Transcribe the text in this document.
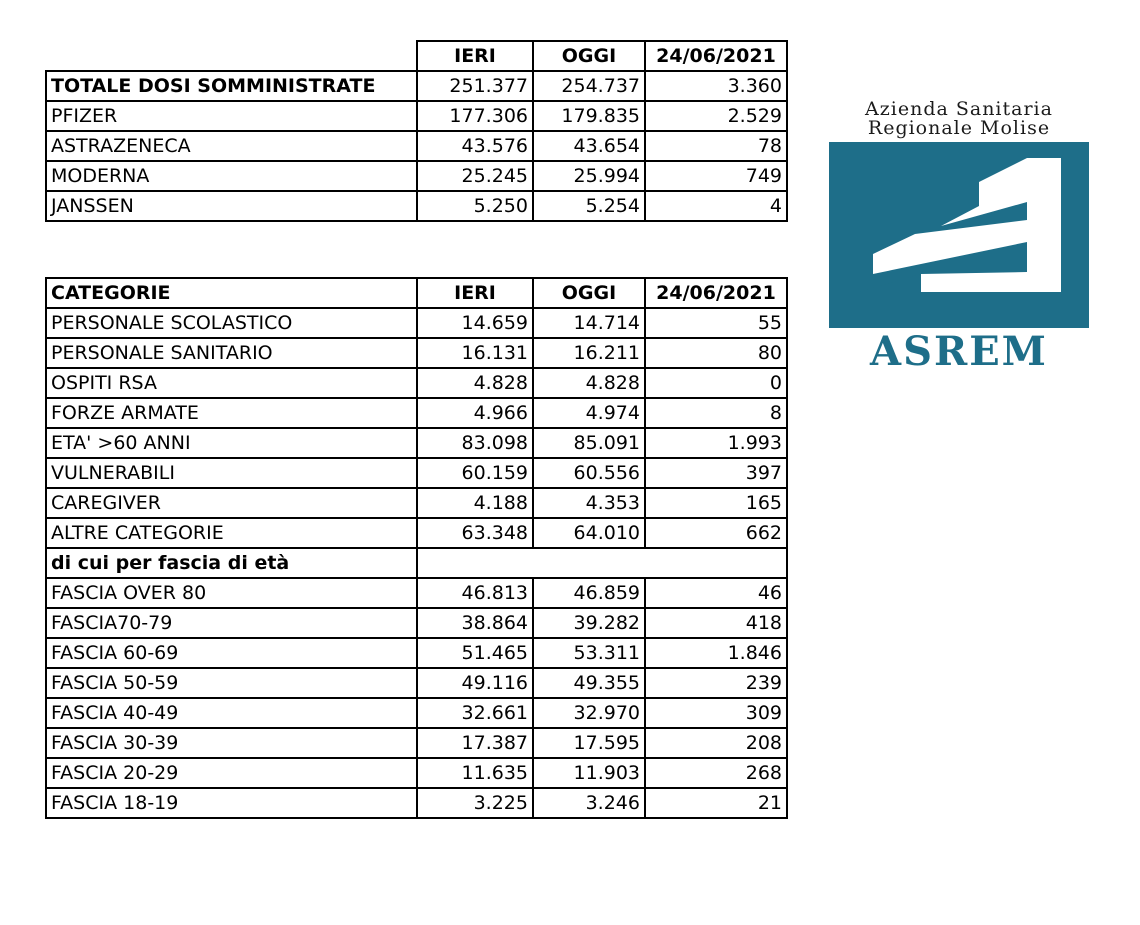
	IERI	OGGI	24/06/2021
TOTALE DOSI SOMMINISTRATE	251.377	254.737	3.360
PFIZER	177.306	179.835	2.529
ASTRAZENECA	43.576	43.654	78
MODERNA	25.245	25.994	749
JANSSEN	5.250	5.254	4
CATEGORIE	IERI	OGGI	24/06/2021
PERSONALE SCOLASTICO	14.659	14.714	55
PERSONALE SANITARIO	16.131	16.211	80
OSPITI RSA	4.828	4.828	0
FORZE ARMATE	4.966	4.974	8
ETA' >60 ANNI	83.098	85.091	1.993
VULNERABILI	60.159	60.556	397
CAREGIVER	4.188	4.353	165
ALTRE CATEGORIE	63.348	64.010	662
di cui per fascia di età			
FASCIA OVER 80	46.813	46.859	46
FASCIA70-79	38.864	39.282	418
FASCIA 60-69	51.465	53.311	1.846
FASCIA 50-59	49.116	49.355	239
FASCIA 40-49	32.661	32.970	309
FASCIA 30-39	17.387	17.595	208
FASCIA 20-29	11.635	11.903	268
FASCIA 18-19	3.225	3.246	21
Azienda Sanitaria
Regionale Molise
ASREM
